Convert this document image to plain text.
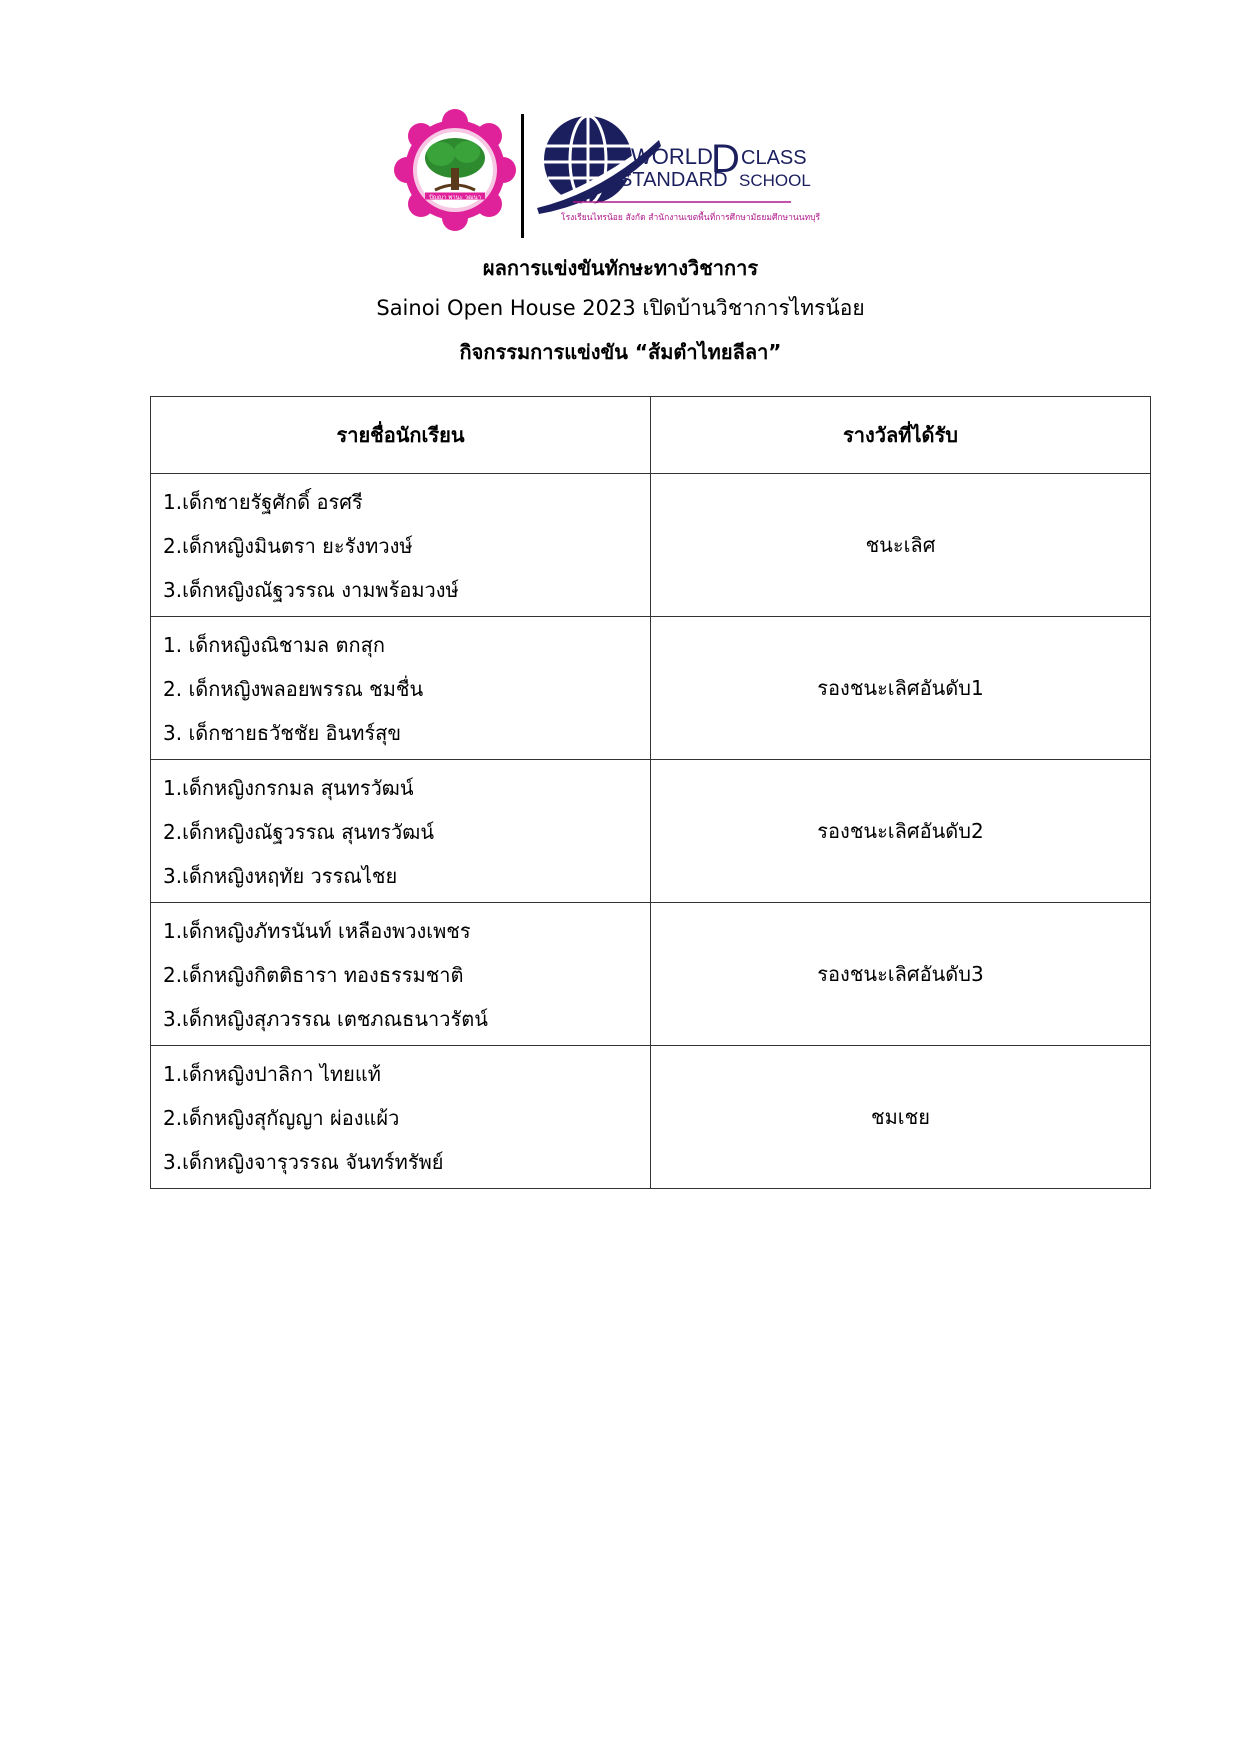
ปัญญา พานะ วฒนา
WORLD
D CLASS
STANDARD SCHOOL
โรงเรียนไทรน้อย สังกัด สำนักงานเขตพื้นที่การศึกษามัธยมศึกษานนทบุรี
ผลการแข่งขันทักษะทางวิชาการ
Sainoi Open House 2023 เปิดบ้านวิชาการไทรน้อย
กิจกรรมการแข่งขัน “ส้มตำไทยลีลา”
รายชื่อนักเรียน	รางวัลที่ได้รับ

1.เด็กชายรัฐศักดิ์ อรศรี
2.เด็กหญิงมินตรา ยะรังทวงษ์
3.เด็กหญิงณัฐวรรณ งามพร้อมวงษ์	ชนะเลิศ

1. เด็กหญิงณิชามล ตกสุก
2. เด็กหญิงพลอยพรรณ ชมชื่น
3. เด็กชายธวัชชัย อินทร์สุข	รองชนะเลิศอันดับ1

1.เด็กหญิงกรกมล สุนทรวัฒน์
2.เด็กหญิงณัฐวรรณ สุนทรวัฒน์
3.เด็กหญิงหฤทัย วรรณไชย	รองชนะเลิศอันดับ2

1.เด็กหญิงภัทรนันท์ เหลืองพวงเพชร
2.เด็กหญิงกิตติธารา ทองธรรมชาติ
3.เด็กหญิงสุภวรรณ เตชภณธนาวรัตน์	รองชนะเลิศอันดับ3

1.เด็กหญิงปาลิกา ไทยแท้
2.เด็กหญิงสุกัญญา ผ่องแผ้ว
3.เด็กหญิงจารุวรรณ จันทร์ทรัพย์	ชมเชย
